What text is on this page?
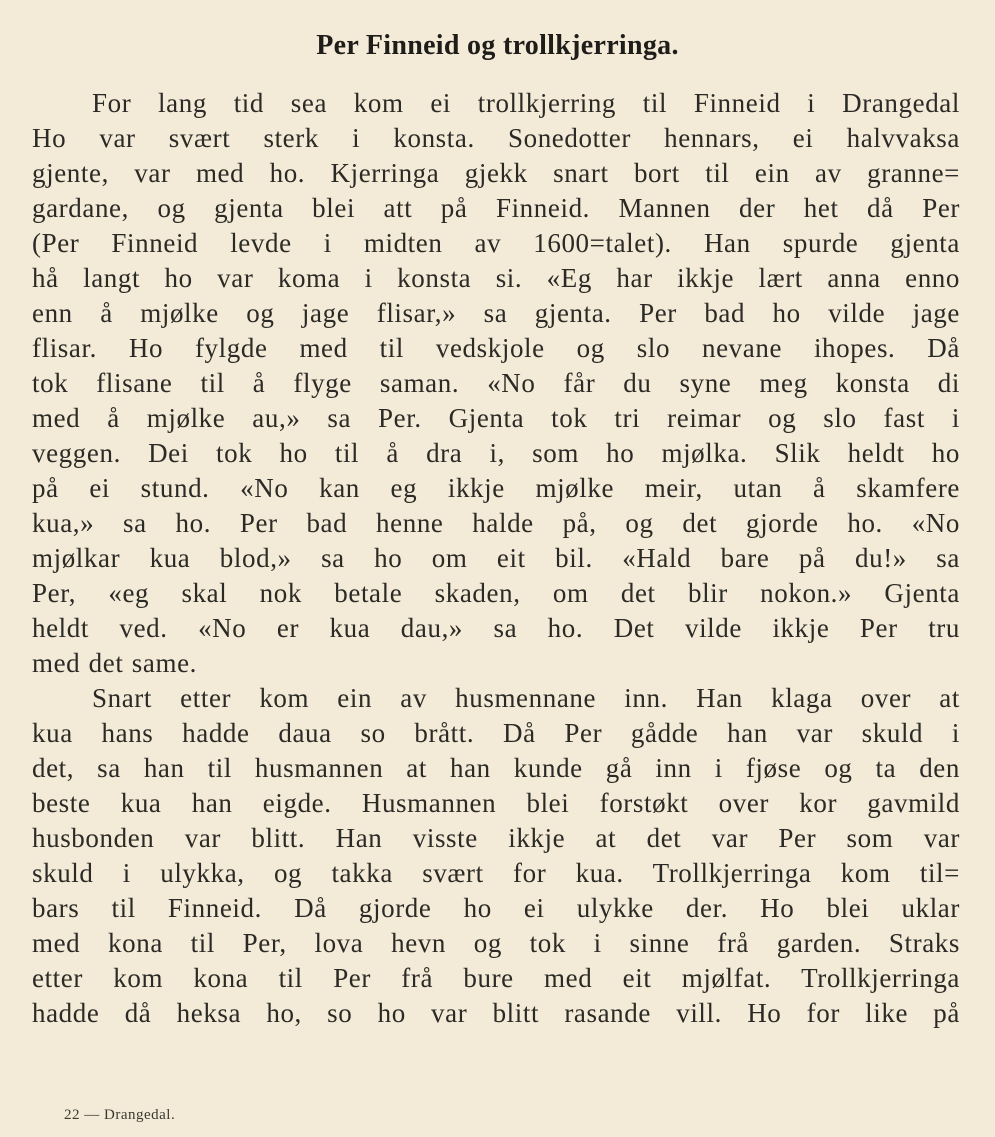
Per Finneid og trollkjerringa.
For lang tid sea kom ei trollkjerring til Finneid i Drangedal
Ho var svært sterk i konsta. Sonedotter hennars, ei halvvaksa
gjente, var med ho. Kjerringa gjekk snart bort til ein av granne=
gardane, og gjenta blei att på Finneid. Mannen der het då Per
(Per Finneid levde i midten av 1600=talet). Han spurde gjenta
hå langt ho var koma i konsta si. «Eg har ikkje lært anna enno
enn å mjølke og jage flisar,» sa gjenta. Per bad ho vilde jage
flisar. Ho fylgde med til vedskjole og slo nevane ihopes. Då
tok flisane til å flyge saman. «No får du syne meg konsta di
med å mjølke au,» sa Per. Gjenta tok tri reimar og slo fast i
veggen. Dei tok ho til å dra i, som ho mjølka. Slik heldt ho
på ei stund. «No kan eg ikkje mjølke meir, utan å skamfere
kua,» sa ho. Per bad henne halde på, og det gjorde ho. «No
mjølkar kua blod,» sa ho om eit bil. «Hald bare på du!» sa
Per, «eg skal nok betale skaden, om det blir nokon.» Gjenta
heldt ved. «No er kua dau,» sa ho. Det vilde ikkje Per tru
med det same.
Snart etter kom ein av husmennane inn. Han klaga over at
kua hans hadde daua so brått. Då Per gådde han var skuld i
det, sa han til husmannen at han kunde gå inn i fjøse og ta den
beste kua han eigde. Husmannen blei forstøkt over kor gavmild
husbonden var blitt. Han visste ikkje at det var Per som var
skuld i ulykka, og takka svært for kua. Trollkjerringa kom til=
bars til Finneid. Då gjorde ho ei ulykke der. Ho blei uklar
med kona til Per, lova hevn og tok i sinne frå garden. Straks
etter kom kona til Per frå bure med eit mjølfat. Trollkjerringa
hadde då heksa ho, so ho var blitt rasande vill. Ho for like på
22 — Drangedal.
